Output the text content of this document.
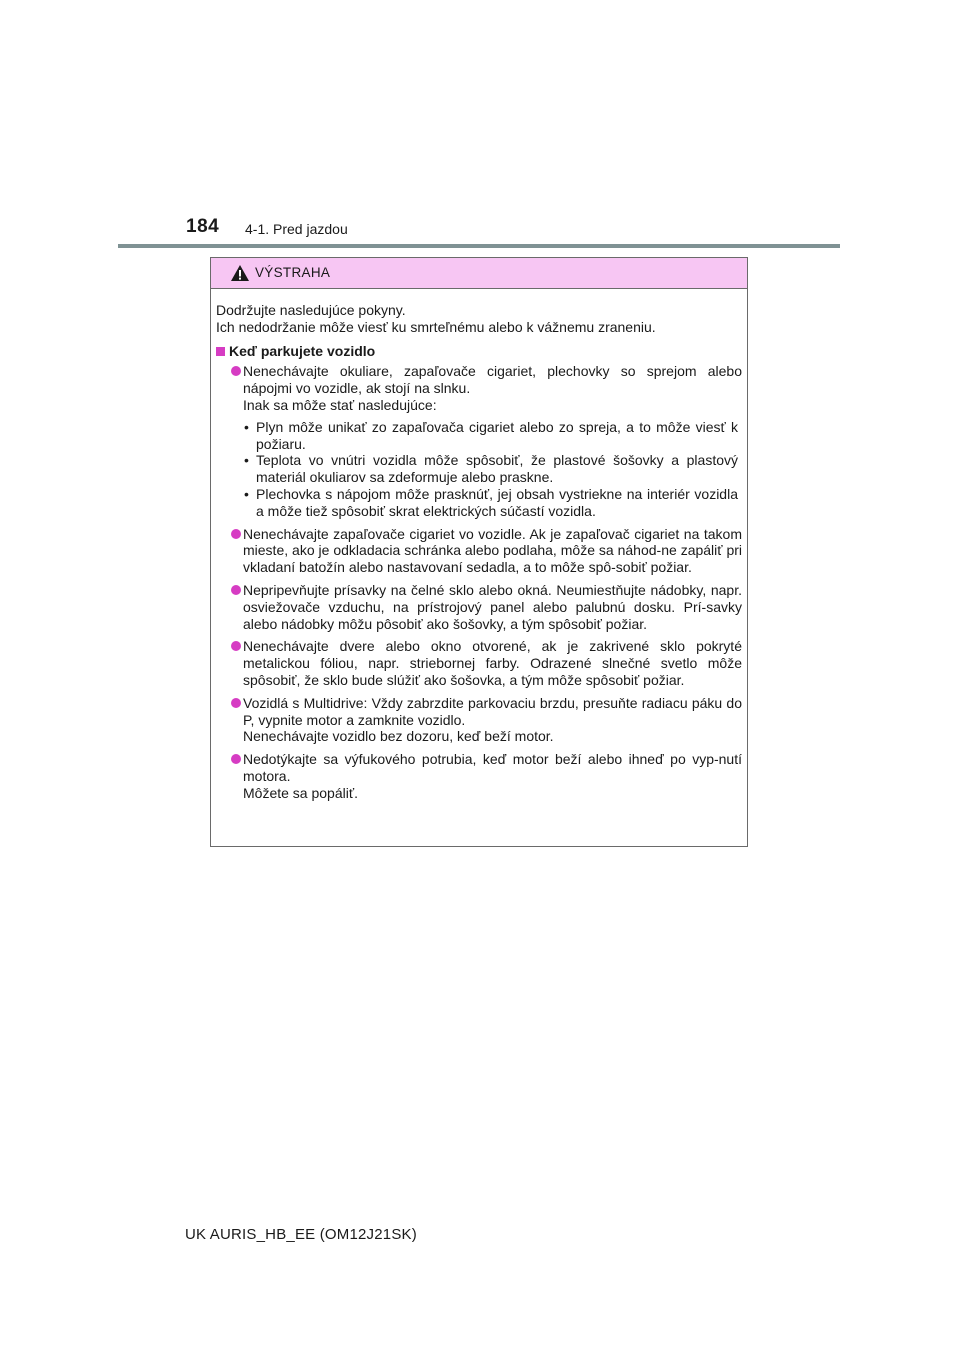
184 4-1. Pred jazdou
VÝSTRAHA

Dodržujte nasledujúce pokyny.

Ich nedodržanie môže viesť ku smrteľnému alebo k vážnemu zraneniu.

Keď parkujete vozidlo
Nenechávajte okuliare, zapaľovače cigariet, plechovky so sprejom alebo nápojmi vo vozidle, ak stojí na slnku.
Inak sa môže stať nasledujúce:
• Plyn môže unikať zo zapaľovača cigariet alebo zo spreja, a to môže viesť k požiaru.
• Teplota vo vnútri vozidla môže spôsobiť, že plastové šošovky a plastový materiál okuliarov sa zdeformuje alebo praskne.
• Plechovka s nápojom môže prasknúť, jej obsah vystriekne na interiér vozidla a môže tiež spôsobiť skrat elektrických súčastí vozidla.
Nenechávajte zapaľovače cigariet vo vozidle. Ak je zapaľovač cigariet na takom mieste, ako je odkladacia schránka alebo podlaha, môže sa náhod-ne zapáliť pri vkladaní batožín alebo nastavovaní sedadla, a to môže spô-sobiť požiar.
Nepripevňujte prísavky na čelné sklo alebo okná. Neumiestňujte nádobky, napr. osviežovače vzduchu, na prístrojový panel alebo palubnú dosku. Prí-savky alebo nádobky môžu pôsobiť ako šošovky, a tým spôsobiť požiar.
Nenechávajte dvere alebo okno otvorené, ak je zakrivené sklo pokryté metalickou fóliou, napr. striebornej farby. Odrazené slnečné svetlo môže spôsobiť, že sklo bude slúžiť ako šošovka, a tým môže spôsobiť požiar.
Vozidlá s Multidrive: Vždy zabrzdite parkovaciu brzdu, presuňte radiacu páku do P, vypnite motor a zamknite vozidlo.
Nenechávajte vozidlo bez dozoru, keď beží motor.
Nedotýkajte sa výfukového potrubia, keď motor beží alebo ihneď po vyp-nutí motora.
Môžete sa popáliť.
UK AURIS_HB_EE (OM12J21SK)
